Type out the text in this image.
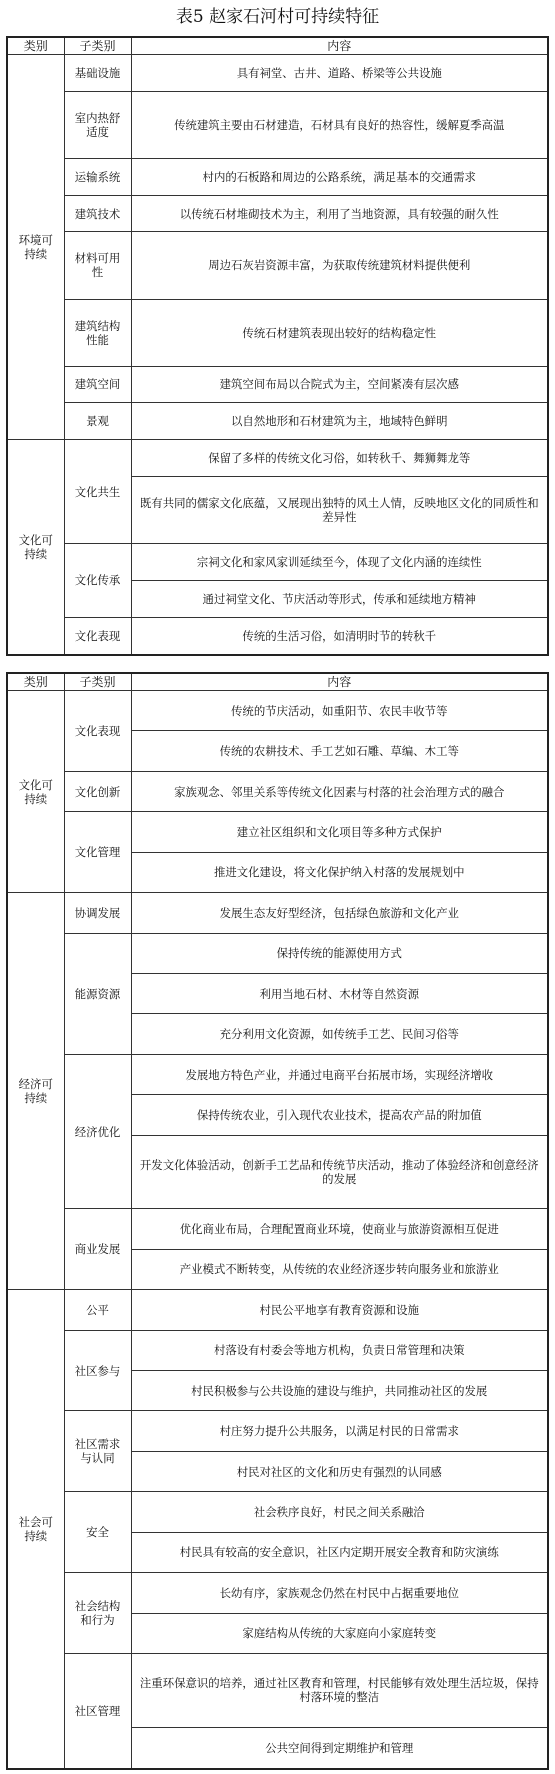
表5 赵家石河村可持续特征
类别	子类别	内容
环境可持续	基础设施	具有祠堂、古井、道路、桥梁等公共设施
	室内热舒适度	传统建筑主要由石材建造，石材具有良好的热容性，缓解夏季高温
	运输系统	村内的石板路和周边的公路系统，满足基本的交通需求
	建筑技术	以传统石材堆砌技术为主，利用了当地资源，具有较强的耐久性
	材料可用性	周边石灰岩资源丰富，为获取传统建筑材料提供便利
	建筑结构性能	传统石材建筑表现出较好的结构稳定性
	建筑空间	建筑空间布局以合院式为主，空间紧凑有层次感
	景观	以自然地形和石材建筑为主，地域特色鲜明
文化可持续	文化共生	保留了多样的传统文化习俗，如转秋千、舞狮舞龙等
		既有共同的儒家文化底蕴，又展现出独特的风土人情，反映地区文化的同质性和差异性
	文化传承	宗祠文化和家风家训延续至今，体现了文化内涵的连续性
		通过祠堂文化、节庆活动等形式，传承和延续地方精神
	文化表现	传统的生活习俗，如清明时节的转秋千
类别	子类别	内容
文化可持续	文化表现	传统的节庆活动，如重阳节、农民丰收节等
		传统的农耕技术、手工艺如石雕、草编、木工等
	文化创新	家族观念、邻里关系等传统文化因素与村落的社会治理方式的融合
	文化管理	建立社区组织和文化项目等多种方式保护
		推进文化建设，将文化保护纳入村落的发展规划中
经济可持续	协调发展	发展生态友好型经济，包括绿色旅游和文化产业
	能源资源	保持传统的能源使用方式
		利用当地石材、木材等自然资源
		充分利用文化资源，如传统手工艺、民间习俗等
	经济优化	发展地方特色产业，并通过电商平台拓展市场，实现经济增收
		保持传统农业，引入现代农业技术，提高农产品的附加值
		开发文化体验活动，创新手工艺品和传统节庆活动，推动了体验经济和创意经济的发展
	商业发展	优化商业布局，合理配置商业环境，使商业与旅游资源相互促进
		产业模式不断转变，从传统的农业经济逐步转向服务业和旅游业
社会可持续	公平	村民公平地享有教育资源和设施
	社区参与	村落设有村委会等地方机构，负责日常管理和决策
		村民积极参与公共设施的建设与维护，共同推动社区的发展
	社区需求与认同	村庄努力提升公共服务，以满足村民的日常需求
		村民对社区的文化和历史有强烈的认同感
	安全	社会秩序良好，村民之间关系融洽
		村民具有较高的安全意识，社区内定期开展安全教育和防灾演练
	社会结构和行为	长幼有序，家族观念仍然在村民中占据重要地位
		家庭结构从传统的大家庭向小家庭转变
	社区管理	注重环保意识的培养，通过社区教育和管理，村民能够有效处理生活垃圾，保持村落环境的整洁
		公共空间得到定期维护和管理
